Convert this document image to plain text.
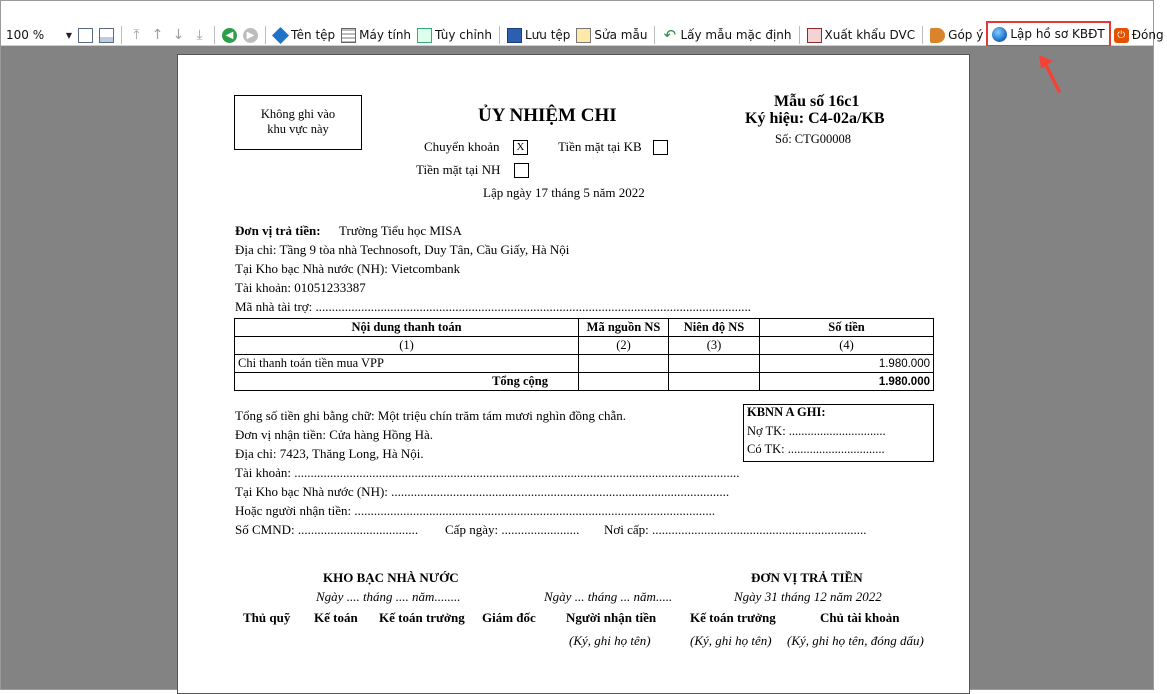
100 %	▼	⤒ ↑ ↓ ⤓	◀	▶	Tên tệp Máy tính Tùy chỉnh	Lưu tệp Sửa mẫu ↶ Lấy mẫu mặc định	Xuất khẩu DVC	Góp ý Lập hồ sơ KBĐT	⏻ Đóng
Không ghi vào
khu vực này
ỦY NHIỆM CHI
Mẫu số 16c1
Ký hiệu: C4-02a/KB
Số: CTG00008
Chuyển khoản	X	Tiền mặt tại KB
Tiền mặt tại NH
Lập ngày 17 tháng 5 năm 2022
Đơn vị trả tiền: Trường Tiểu học MISA
Địa chỉ: Tầng 9 tòa nhà Technosoft, Duy Tân, Cầu Giấy, Hà Nội
Tại Kho bạc Nhà nước (NH): Vietcombank
Tài khoản: 01051233387
Mã nhà tài trợ: ......................................................................................................................................
Nội dung thanh toán	Mã nguồn NS	Niên độ NS	Số tiền
(1)	(2)	(3)	(4)
Chi thanh toán tiền mua VPP			1.980.000
Tổng cộng			1.980.000
Tổng số tiền ghi bằng chữ: Một triệu chín trăm tám mươi nghìn đồng chẵn.
Đơn vị nhận tiền: Cửa hàng Hồng Hà.
Địa chỉ: 7423, Thăng Long, Hà Nội.
Tài khoản: .........................................................................................................................................
Tại Kho bạc Nhà nước (NH): ........................................................................................................
Hoặc người nhận tiền: ...............................................................................................................
Số CMND: ..................................... Cấp ngày: ........................ Nơi cấp: ..................................................................
KBNN A GHI:
Nợ TK: ...............................
Có TK: ...............................
KHO BẠC NHÀ NƯỚC
Ngày .... tháng .... năm........	Ngày ... tháng ... năm.....
ĐƠN VỊ TRẢ TIỀN
Ngày 31 tháng 12 năm 2022
Thủ quỹ Kế toán Kế toán trưởng Giám đốc Người nhận tiền	Kế toán trưởng	Chủ tài khoản
(Ký, ghi họ tên)	(Ký, ghi họ tên) (Ký, ghi họ tên, đóng dấu)
